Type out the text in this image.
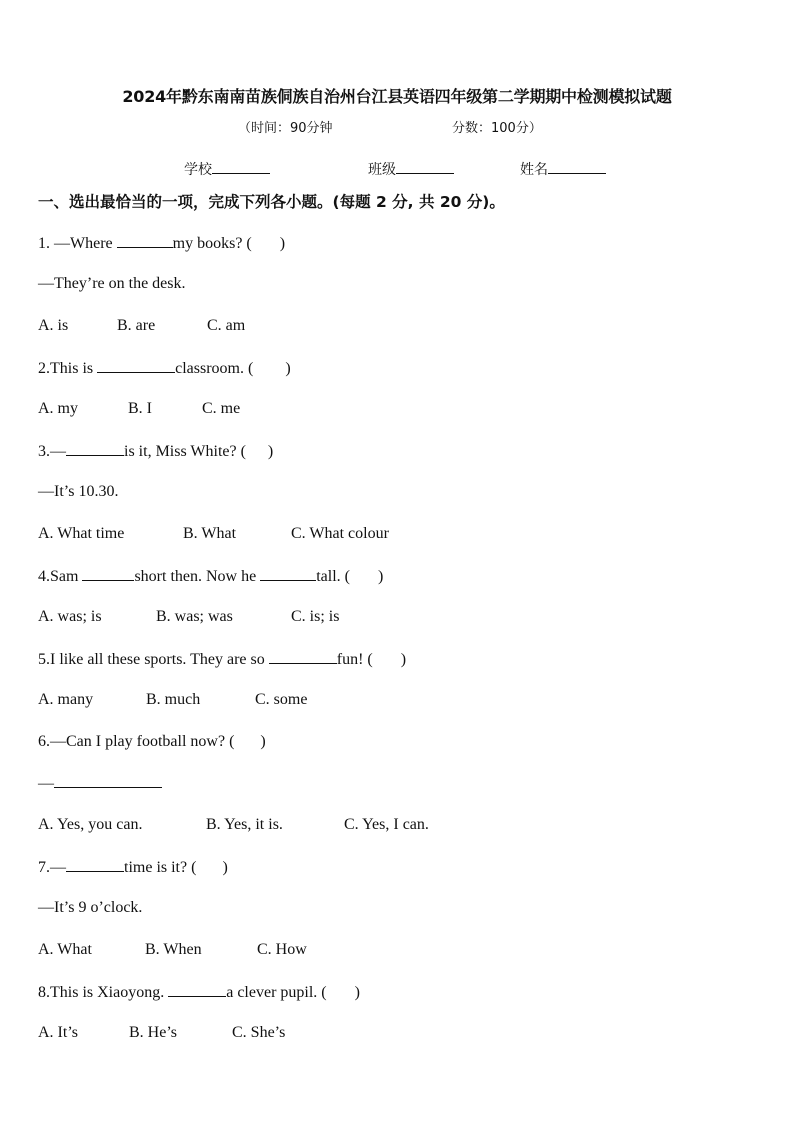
2024年黔东南南苗族侗族自治州台江县英语四年级第二学期期中检测模拟试题
（时间：90分钟	分数：100分）
学校	班级	姓名
一、选出最恰当的一项，完成下列各小题。(每题 2 分, 共 20 分)。
1. —Where	my books? ( )
—They’re on the desk.
A. is	B. are	C. am
2.This is	classroom. ( )
A. my	B. I	C. me
3.—	is it, Miss White? ( )
—It’s 10.30.
A. What time	B. What	C. What colour
4.Sam	short then. Now he	tall. ( )
A. was; is	B. was; was	C. is; is
5.I like all these sports. They are so	fun! ( )
A. many	B. much	C. some
6.—Can I play football now? ( )
—
A. Yes, you can.	B. Yes, it is.	C. Yes, I can.
7.—	time is it? ( )
—It’s 9 o’clock.
A. What	B. When	C. How
8.This is Xiaoyong.	a clever pupil. ( )
A. It’s	B. He’s	C. She’s
